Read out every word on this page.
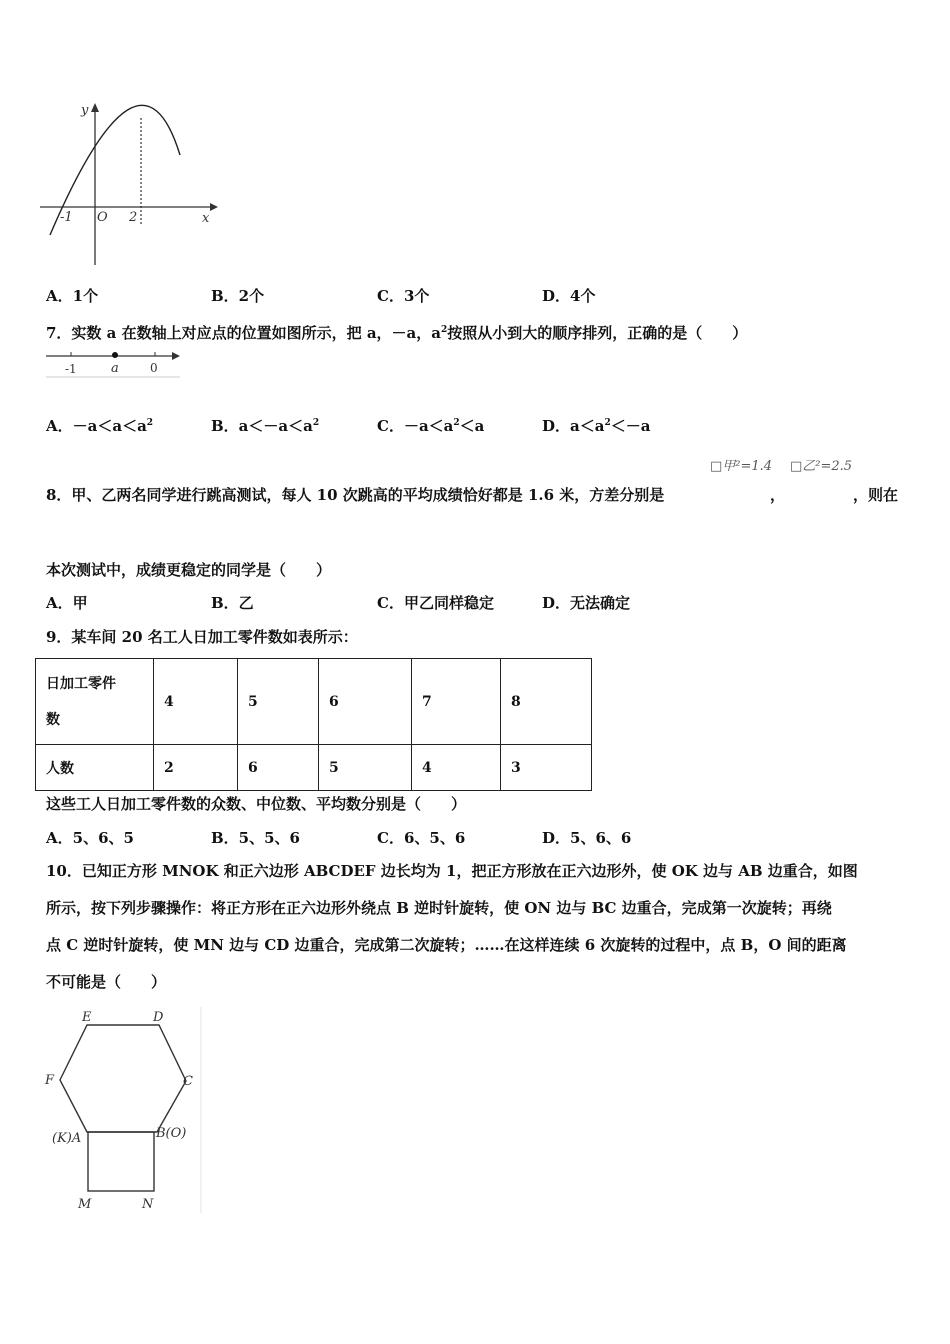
y
x
-1 O 2
A．1个	B．2个	C．3个	D．4个
7．实数 a 在数轴上对应点的位置如图所示，把 a，－a，$a^2$按照从小到大的顺序排列，正确的是（　　）
-1	a	0
A．$-a<a<a^2$	B．$a<-a<a^2$	C．$-a<a^2<a$	D．$a<a^2<-a$
□甲²=1.4 □乙²=2.5
8．甲、乙两名同学进行跳高测试，每人 10 次跳高的平均成绩恰好都是 1.6 米，方差分别是	，	，则在
本次测试中，成绩更稳定的同学是（　　）
A．甲	B．乙	C．甲乙同样稳定	D．无法确定
9．某车间 20 名工人日加工零件数如表所示：
日加工零件
数	4	5	6	7	8
人数	2	6	5	4	3
这些工人日加工零件数的众数、中位数、平均数分别是（　　）
A．5、6、5	B．5、5、6	C．6、5、6	D．5、6、6
10．已知正方形 MNOK 和正六边形 ABCDEF 边长均为 1，把正方形放在正六边形外，使 OK 边与 AB 边重合，如图
所示，按下列步骤操作：将正方形在正六边形外绕点 B 逆时针旋转，使 ON 边与 BC 边重合，完成第一次旋转；再绕
点 C 逆时针旋转，使 MN 边与 CD 边重合，完成第二次旋转；……在这样连续 6 次旋转的过程中，点 B，O 间的距离
不可能是（　　）
E	D
F	C
(K)A	B(O)
M	N
